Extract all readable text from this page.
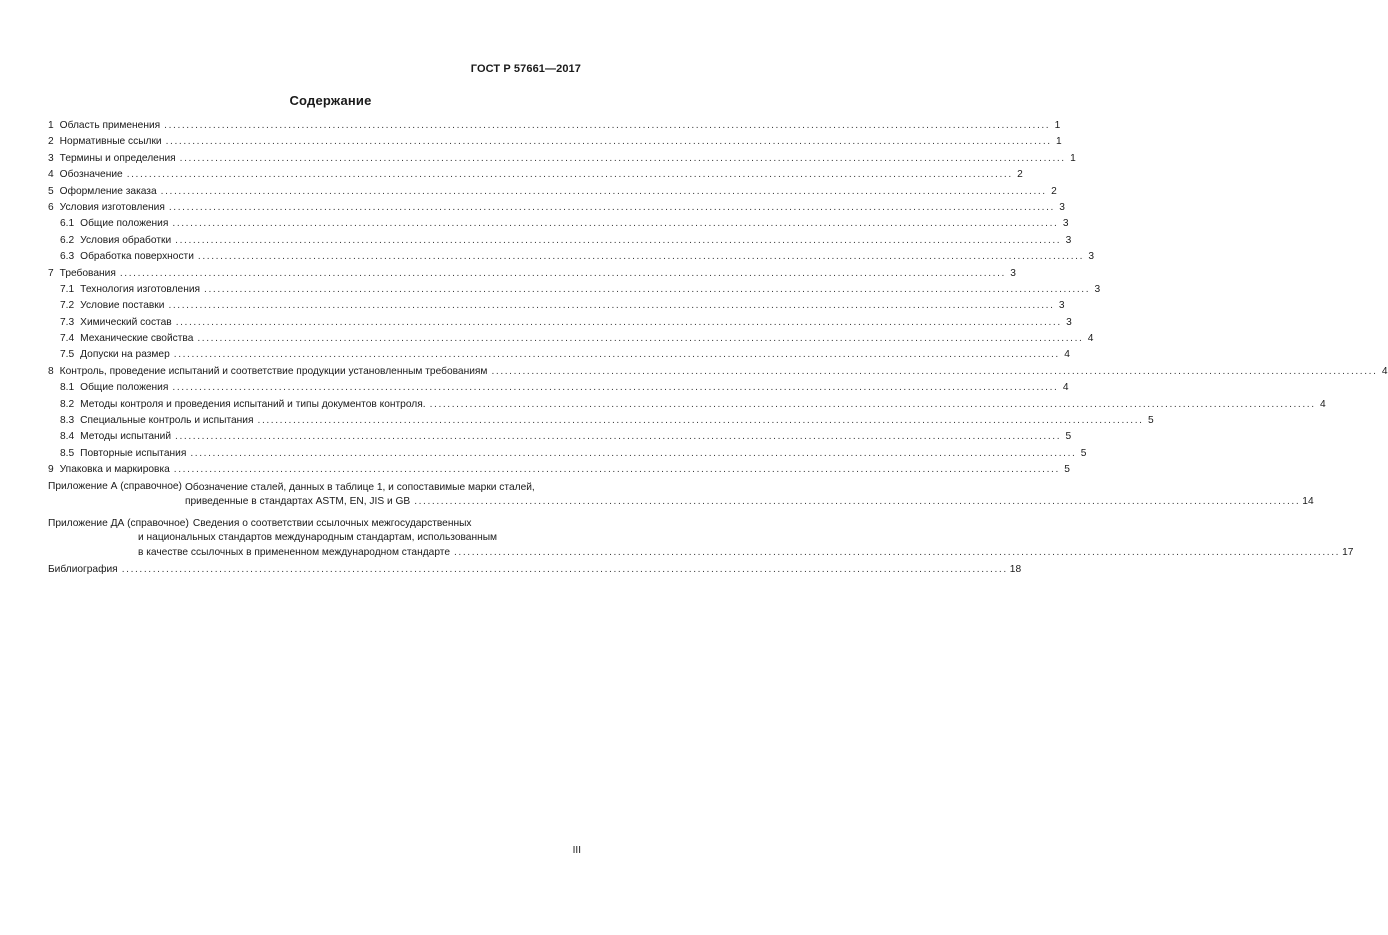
ГОСТ Р 57661—2017
Содержание
1 Область применения ........................................................................................................................................................................................................ 1
2 Нормативные ссылки ........................................................................................................................................................................................................ 1
3 Термины и определения ........................................................................................................................................................................................................ 1
4 Обозначение ........................................................................................................................................................................................................ 2
5 Оформление заказа ........................................................................................................................................................................................................ 2
6 Условия изготовления ........................................................................................................................................................................................................ 3
6.1 Общие положения ........................................................................................................................................................................................................ 3
6.2 Условия обработки ........................................................................................................................................................................................................ 3
6.3 Обработка поверхности ........................................................................................................................................................................................................ 3
7 Требования ........................................................................................................................................................................................................ 3
7.1 Технология изготовления ........................................................................................................................................................................................................ 3
7.2 Условие поставки ........................................................................................................................................................................................................ 3
7.3 Химический состав ........................................................................................................................................................................................................ 3
7.4 Механические свойства ........................................................................................................................................................................................................ 4
7.5 Допуски на размер ........................................................................................................................................................................................................ 4
8 Контроль, проведение испытаний и соответствие продукции установленным требованиям ........................................................................................................................................................................................................ 4
8.1 Общие положения ........................................................................................................................................................................................................ 4
8.2 Методы контроля и проведения испытаний и типы документов контроля. ........................................................................................................................................................................................................ 4
8.3 Специальные контроль и испытания ........................................................................................................................................................................................................ 5
8.4 Методы испытаний ........................................................................................................................................................................................................ 5
8.5 Повторные испытания ........................................................................................................................................................................................................ 5
9 Упаковка и маркировка ........................................................................................................................................................................................................ 5
Приложение А (справочное) Обозначение сталей, данных в таблице 1, и сопоставимые марки сталей,
приведенные в стандартах ASTM, EN, JIS и GB ........................................................................................................................................................................................................ 14
Приложение ДА (справочное) Сведения о соответствии ссылочных межгосударственных
и национальных стандартов международным стандартам, использованным
в качестве ссылочных в примененном международном стандарте ........................................................................................................................................................................................................ 17
Библиография ........................................................................................................................................................................................................ 18
III
